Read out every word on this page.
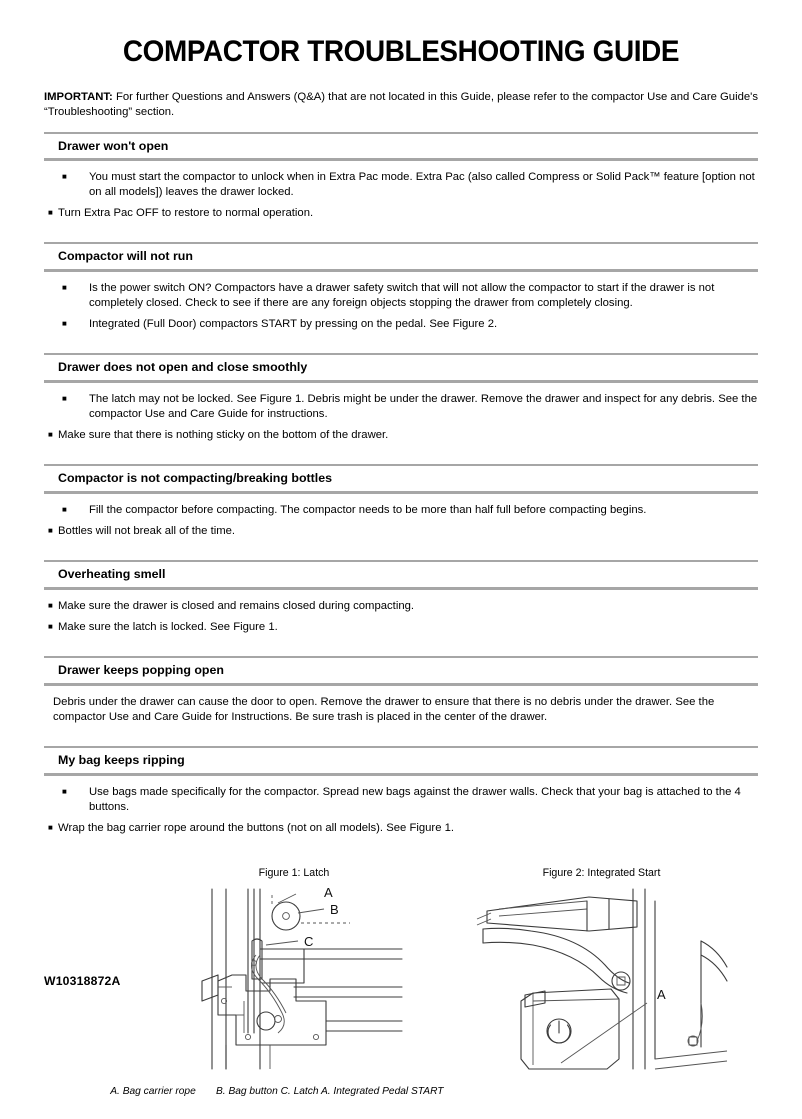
COMPACTOR TROUBLESHOOTING GUIDE
IMPORTANT: For further Questions and Answers (Q&A) that are not located in this Guide, please refer to the compactor Use and Care Guide's “Troubleshooting” section.
Drawer won't open
■	You must start the compactor to unlock when in Extra Pac mode. Extra Pac (also called Compress or Solid Pack™ feature [option not on all models]) leaves the drawer locked.
■ Turn Extra Pac OFF to restore to normal operation.
Compactor will not run
■	Is the power switch ON? Compactors have a drawer safety switch that will not allow the compactor to start if the drawer is not completely closed. Check to see if there are any foreign objects stopping the drawer from completely closing.
■	Integrated (Full Door) compactors START by pressing on the pedal. See Figure 2.
Drawer does not open and close smoothly
■	The latch may not be locked. See Figure 1. Debris might be under the drawer. Remove the drawer and inspect for any debris. See the compactor Use and Care Guide for instructions.
■ Make sure that there is nothing sticky on the bottom of the drawer.
Compactor is not compacting/breaking bottles
■	Fill the compactor before compacting. The compactor needs to be more than half full before compacting begins.
■ Bottles will not break all of the time.
Overheating smell
■ Make sure the drawer is closed and remains closed during compacting.
■ Make sure the latch is locked. See Figure 1.
Drawer keeps popping open
Debris under the drawer can cause the door to open. Remove the drawer to ensure that there is no debris under the drawer. See the compactor Use and Care Guide for Instructions. Be sure trash is placed in the center of the drawer.
My bag keeps ripping
■	Use bags made specifically for the compactor. Spread new bags against the drawer walls. Check that your bag is attached to the 4 buttons.
■ Wrap the bag carrier rope around the buttons (not on all models). See Figure 1.
Figure 1: Latch
A
B
C
Figure 2: Integrated Start
A
A. Bag carrier rope B. Bag button C. Latch A. Integrated Pedal START
W10318872A
